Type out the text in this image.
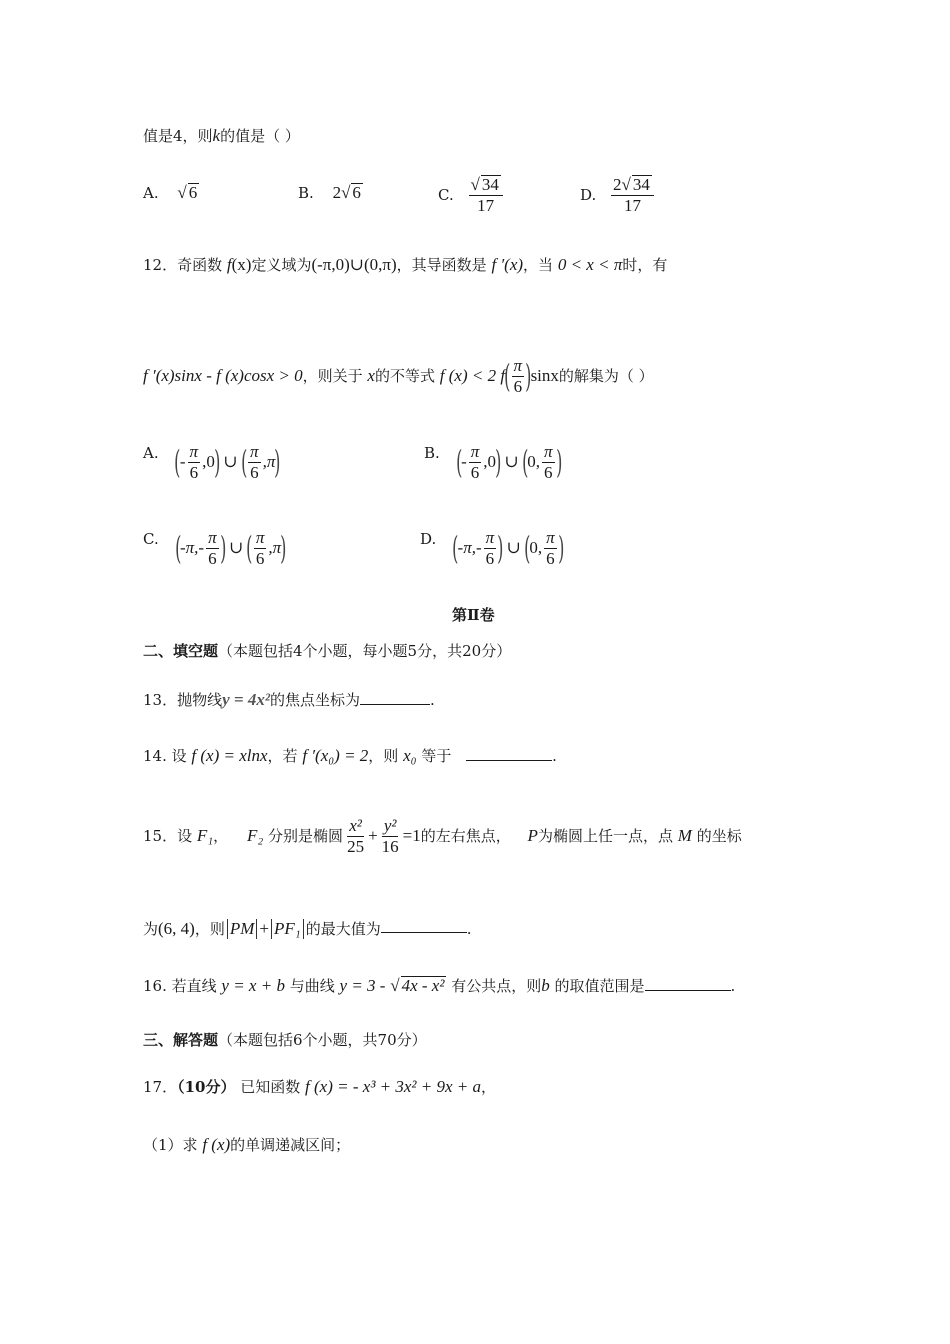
值是4，则k的值是（ ）
A. √ 6	B. 2√ 6	C. $\frac{√ 34}{17}$	D. $\frac{2√ 34}{17}$
12．奇函数 f(x)定义域为(-π,0)∪(0,π)，其导函数是 f ′(x)，当 0 < x < π时，有
f ′(x)sinx - f (x)cosx > 0，则关于 x的不等式 f (x) < 2 $f( \frac{\pi}{6} )\sin x$的解集为（ ）
A. (- $\frac{\pi}{6} ,0$) ∪( $\frac{\pi}{6} ,\pi$)	B. (- $\frac{\pi}{6} ,0$) ∪(0, $\frac{\pi}{6}$ )
C. ($-\pi,- \frac{\pi}{6}$ ) ∪( $\frac{\pi}{6} ,\pi$)	D. ($-\pi,- \frac{\pi}{6}$ ) ∪(0, $\frac{\pi}{6}$ )
第Ⅱ卷
二、填空题（本题包括4个小题，每小题5分，共20分）
13．抛物线y = 4x²的焦点坐标为	.
14. 设 f (x) = xlnx，若 f ′(x₀) = 2，则 x₀ 等于	.
15．设 F₁， F₂ 分别是椭圆 $\frac{\text{x²}}{25} + \frac{\text{y²}}{16} =1$的左右焦点， P为椭圆上任一点，点 M 的坐标
为(6, 4)，则 PM + PF₁ 的最大值为	.
16. 若直线 y = x + b 与曲线 y = 3 - √ 4x - x² 有公共点，则b 的取值范围是	.
三、解答题（本题包括6个小题，共70分）
17．（10分） 已知函数 f (x) = - x³ + 3x² + 9x + a，
（1）求 f (x)的单调递减区间；
